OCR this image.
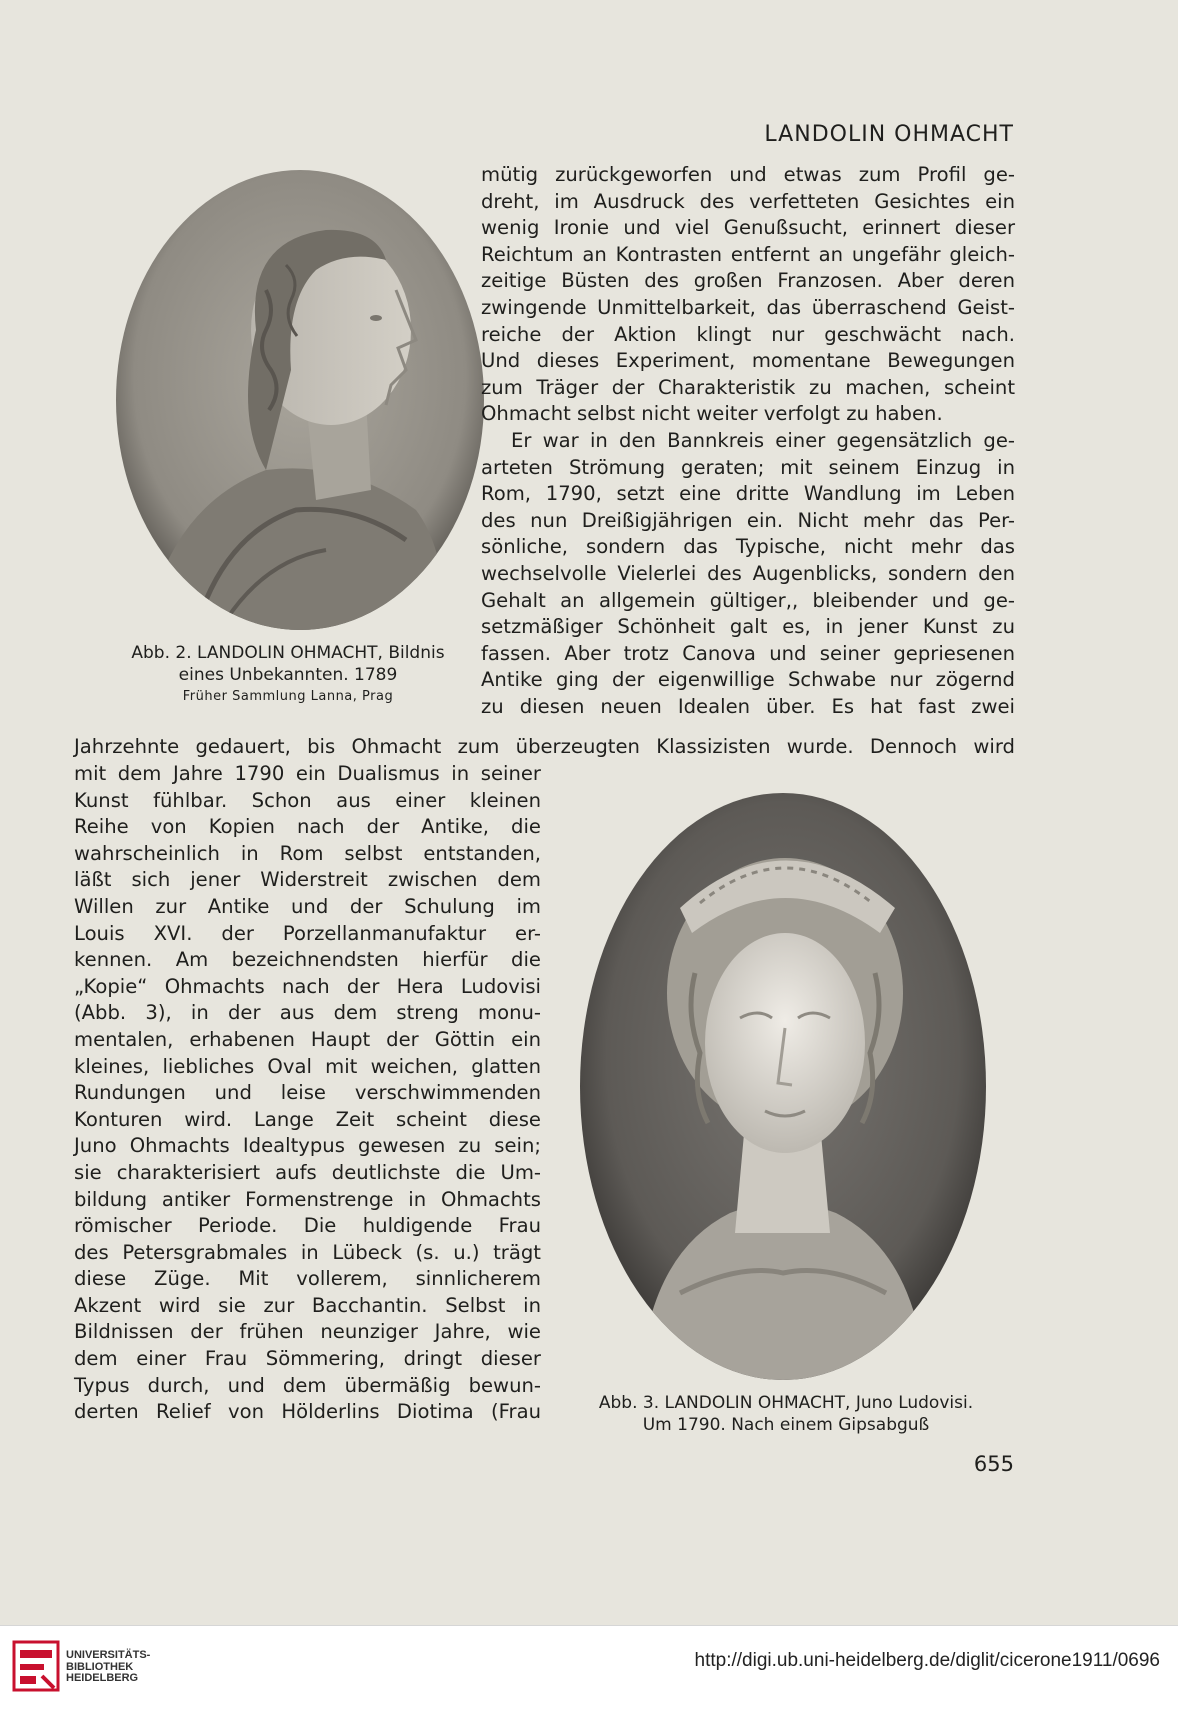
LANDOLIN OHMACHT
Abb. 2. LANDOLIN OHMACHT, Bildnis
eines Unbekannten. 1789
Früher Sammlung Lanna, Prag
Abb. 3. LANDOLIN OHMACHT, Juno Ludovisi.
Um 1790. Nach einem Gipsabguß
mütig zurückgeworfen und etwas zum Profil ge-
dreht, im Ausdruck des verfetteten Gesichtes ein
wenig Ironie und viel Genußsucht, erinnert dieser
Reichtum an Kontrasten entfernt an ungefähr gleich-
zeitige Büsten des großen Franzosen. Aber deren
zwingende Unmittelbarkeit, das überraschend Geist-
reiche der Aktion klingt nur geschwächt nach.
Und dieses Experiment, momentane Bewegungen
zum Träger der Charakteristik zu machen, scheint
Ohmacht selbst nicht weiter verfolgt zu haben.
Er war in den Bannkreis einer gegensätzlich ge-
arteten Strömung geraten; mit seinem Einzug in
Rom, 1790, setzt eine dritte Wandlung im Leben
des nun Dreißigjährigen ein. Nicht mehr das Per-
sönliche, sondern das Typische, nicht mehr das
wechselvolle Vielerlei des Augenblicks, sondern den
Gehalt an allgemein gültiger,, bleibender und ge-
setzmäßiger Schönheit galt es, in jener Kunst zu
fassen. Aber trotz Canova und seiner gepriesenen
Antike ging der eigenwillige Schwabe nur zögernd
zu diesen neuen Idealen über. Es hat fast zwei
Jahrzehnte gedauert, bis Ohmacht zum überzeugten Klassizisten wurde. Dennoch wird
mit dem Jahre 1790 ein Dualismus in seiner
Kunst fühlbar. Schon aus einer kleinen
Reihe von Kopien nach der Antike, die
wahrscheinlich in Rom selbst entstanden,
läßt sich jener Widerstreit zwischen dem
Willen zur Antike und der Schulung im
Louis XVI. der Porzellanmanufaktur er-
kennen. Am bezeichnendsten hierfür die
„Kopie“ Ohmachts nach der Hera Ludovisi
(Abb. 3), in der aus dem streng monu-
mentalen, erhabenen Haupt der Göttin ein
kleines, liebliches Oval mit weichen, glatten
Rundungen und leise verschwimmenden
Konturen wird. Lange Zeit scheint diese
Juno Ohmachts Idealtypus gewesen zu sein;
sie charakterisiert aufs deutlichste die Um-
bildung antiker Formenstrenge in Ohmachts
römischer Periode. Die huldigende Frau
des Petersgrabmales in Lübeck (s. u.) trägt
diese Züge. Mit vollerem, sinnlicherem
Akzent wird sie zur Bacchantin. Selbst in
Bildnissen der frühen neunziger Jahre, wie
dem einer Frau Sömmering, dringt dieser
Typus durch, und dem übermäßig bewun-
derten Relief von Hölderlins Diotima (Frau
655
UNIVERSITÄTS-
BIBLIOTHEK
HEIDELBERG
http://digi.ub.uni-heidelberg.de/diglit/cicerone1911/0696
